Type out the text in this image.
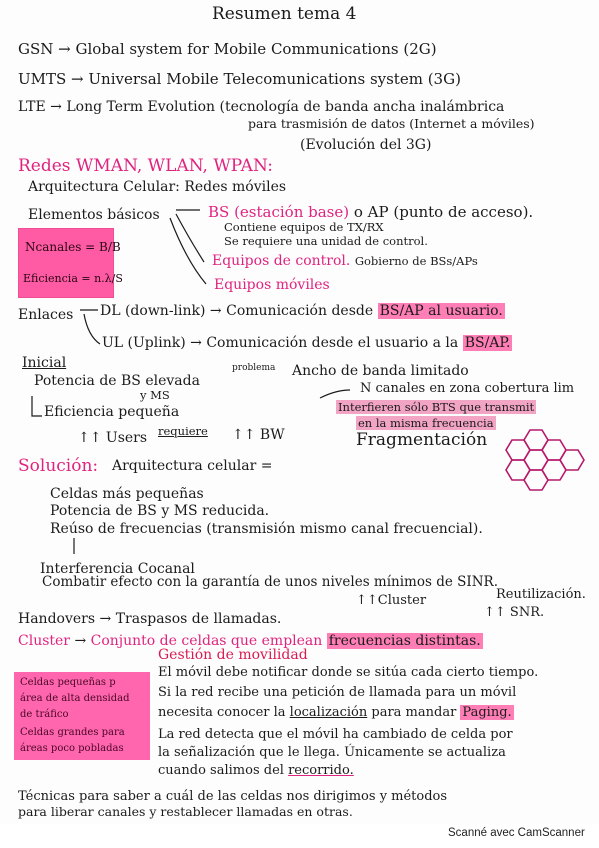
Resumen tema 4
GSN → Global system for Mobile Communications (2G)
UMTS → Universal Mobile Telecomunications system (3G)
LTE → Long Term Evolution (tecnología de banda ancha inalámbrica
para trasmisión de datos (Internet a móviles)
(Evolución del 3G)
Redes WMAN, WLAN, WPAN:
Arquitectura Celular: Redes móviles
Elementos básicos	BS (estación base) o AP (punto de acceso).
Contiene equipos de TX/RX
Se requiere una unidad de control.
Equipos de control. Gobierno de BSs/APs
Equipos móviles
Ncanales = B/B
Eficiencia = n.λ/S
Enlaces DL (down-link) → Comunicación desde BS/AP al usuario.
UL (Uplink) → Comunicación desde el usuario a la BS/AP.
Inicial
Potencia de BS elevada
y MS
problema Ancho de banda limitado
N canales en zona cobertura lim
Eficiencia pequeña
↑↑ Users requiere ↑↑ BW
Interfieren sólo BTS que transmit
en la misma frecuencia
Solución: Arquitectura celular =
Fragmentación
Celdas más pequeñas
Potencia de BS y MS reducida.
Reúso de frecuencias (transmisión mismo canal frecuencial).
Interferencia Cocanal
Combatir efecto con la garantía de unos niveles mínimos de SINR.
↑↑Cluster	Reutilización.
↑↑ SNR.
Handovers → Traspasos de llamadas.
Cluster → Conjunto de celdas que emplean frecuencias distintas.
Gestión de movilidad
El móvil debe notificar donde se sitúa cada cierto tiempo.
Si la red recibe una petición de llamada para un móvil
necesita conocer la localización para mandar Paging.
La red detecta que el móvil ha cambiado de celda por
la señalización que le llega. Únicamente se actualiza
cuando salimos del recorrido.
Celdas pequeñas p
área de alta densidad
de tráfico
Celdas grandes para
áreas poco pobladas
Técnicas para saber a cuál de las celdas nos dirigimos y métodos
para liberar canales y restablecer llamadas en otras.
Scanné avec CamScanner
